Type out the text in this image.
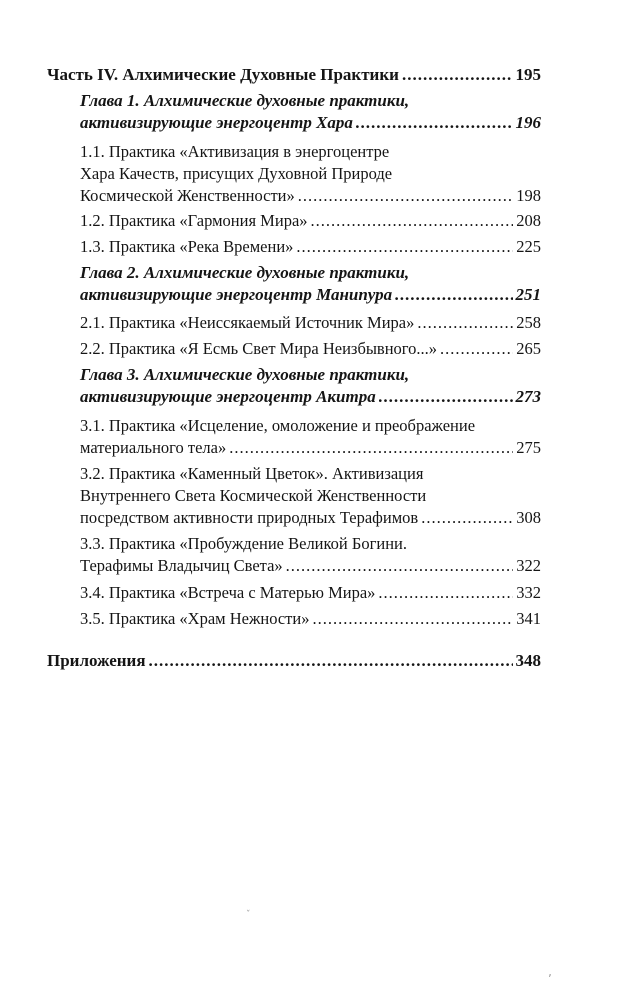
Часть IV. Алхимические Духовные Практики .....	195
Глава 1. Алхимические духовные практики,
активизирующие энергоцентр Хара .....	196
1.1. Практика «Активизация в энергоцентре
Хара Качеств, присущих Духовной Природе
Космической Женственности» .....	198
1.2. Практика «Гармония Мира» .....	208
1.3. Практика «Река Времени» .....	225
Глава 2. Алхимические духовные практики,
активизирующие энергоцентр Манипура .....	251
2.1. Практика «Неиссякаемый Источник Мира» .....	258
2.2. Практика «Я Есмь Свет Мира Неизбывного...» .....	265
Глава 3. Алхимические духовные практики,
активизирующие энергоцентр Акитра .....	273
3.1. Практика «Исцеление, омоложение и преображение
материального тела» .....	275
3.2. Практика «Каменный Цветок». Активизация
Внутреннего Света Космической Женственности
посредством активности природных Терафимов .....	308
3.3. Практика «Пробуждение Великой Богини.
Терафимы Владычиц Света» .....	322
3.4. Практика «Встреча с Матерью Мира» .....	332
3.5. Практика «Храм Нежности» .....	341
Приложения .....	348
ˇ
ʼ
